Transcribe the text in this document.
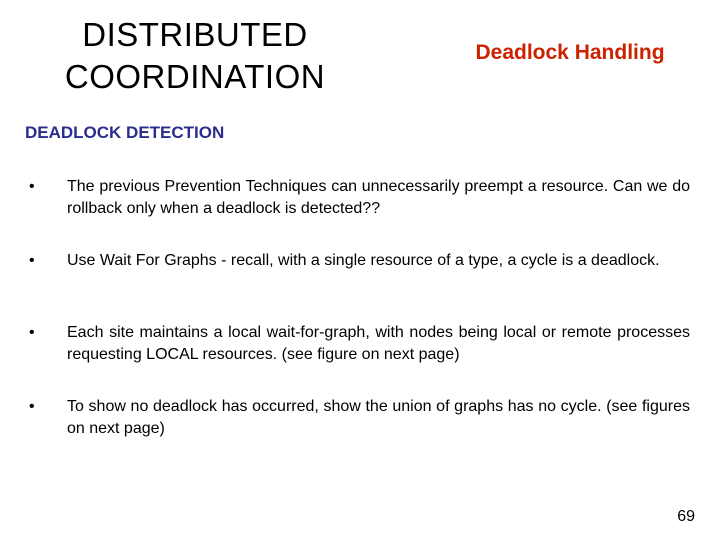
DISTRIBUTED
COORDINATION
Deadlock Handling
DEADLOCK DETECTION
• The previous Prevention Techniques can unnecessarily preempt a resource. Can we do rollback only when a deadlock is detected??
• Use Wait For Graphs - recall, with a single resource of a type, a cycle is a deadlock.
• Each site maintains a local wait-for-graph, with nodes being local or remote processes requesting LOCAL resources. (see figure on next page)
• To show no deadlock has occurred, show the union of graphs has no cycle. (see figures on next page)
69
